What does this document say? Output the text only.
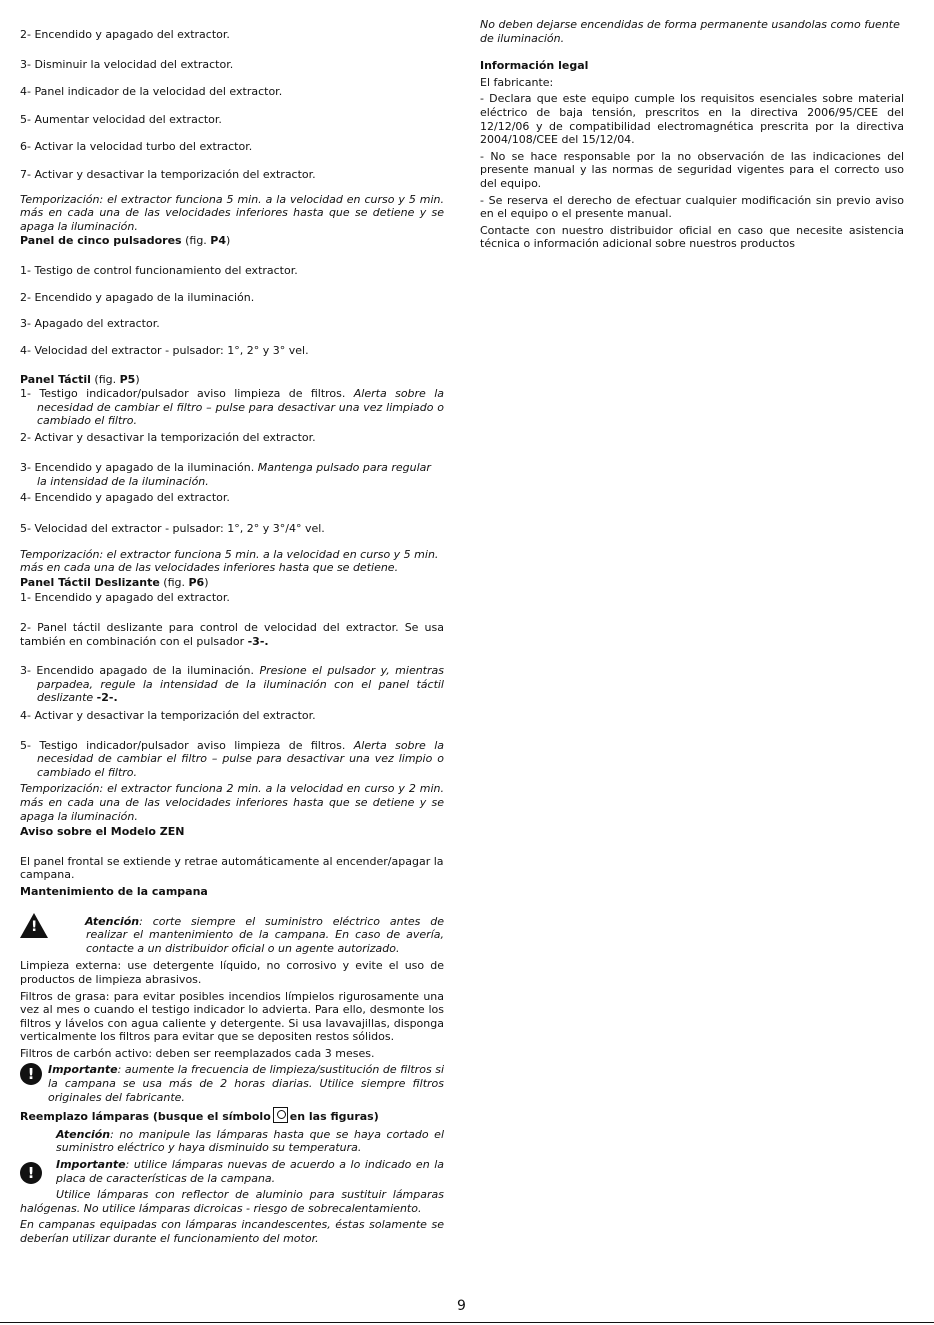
2- Encendido y apagado del extractor.

3- Disminuir la velocidad del extractor.

4- Panel indicador de la velocidad del extractor.

5- Aumentar velocidad del extractor.

6- Activar la velocidad turbo del extractor.

7- Activar y desactivar la temporización del extractor.

Temporización: el extractor funciona 5 min. a la velocidad en curso y 5 min. más en cada una de las velocidades inferiores hasta que se detiene y se apaga la iluminación.

Panel de cinco pulsadores (fig. P4)

1- Testigo de control funcionamiento del extractor.

2- Encendido y apagado de la iluminación.

3- Apagado del extractor.

4- Velocidad del extractor - pulsador: 1°, 2° y 3° vel.

Panel Táctil (fig. P5)

1- Testigo indicador/pulsador aviso limpieza de filtros. Alerta sobre la necesidad de cambiar el filtro – pulse para desactivar una vez limpiado o cambiado el filtro.

2- Activar y desactivar la temporización del extractor.

3- Encendido y apagado de la iluminación. Mantenga pulsado para regular la intensidad de la iluminación.

4- Encendido y apagado del extractor.

5- Velocidad del extractor - pulsador: 1°, 2° y 3°/4° vel.

Temporización: el extractor funciona 5 min. a la velocidad en curso y 5 min. más en cada una de las velocidades inferiores hasta que se detiene.

Panel Táctil Deslizante (fig. P6)

1- Encendido y apagado del extractor.

2- Panel táctil deslizante para control de velocidad del extractor. Se usa también en combinación con el pulsador -3-.

3- Encendido apagado de la iluminación. Presione el pulsador y, mientras parpadea, regule la intensidad de la iluminación con el panel táctil deslizante -2-.

4- Activar y desactivar la temporización del extractor.

5- Testigo indicador/pulsador aviso limpieza de filtros. Alerta sobre la necesidad de cambiar el filtro – pulse para desactivar una vez limpio o cambiado el filtro.

Temporización: el extractor funciona 2 min. a la velocidad en curso y 2 min. más en cada una de las velocidades inferiores hasta que se detiene y se apaga la iluminación.

Aviso sobre el Modelo ZEN

El panel frontal se extiende y retrae automáticamente al encender/apagar la campana.

Mantenimiento de la campana

!

Atención: corte siempre el suministro eléctrico antes de realizar el mantenimiento de la campana. En caso de avería, contacte a un distribuidor oficial o un agente autorizado.

Limpieza externa: use detergente líquido, no corrosivo y evite el uso de productos de limpieza abrasivos.

Filtros de grasa: para evitar posibles incendios límpielos rigurosamente una vez al mes o cuando el testigo indicador lo advierta. Para ello, desmonte los filtros y lávelos con agua caliente y detergente. Si usa lavavajillas, disponga verticalmente los filtros para evitar que se depositen restos sólidos.

Filtros de carbón activo: deben ser reemplazados cada 3 meses.

!	Importante: aumente la frecuencia de limpieza/sustitución de filtros si la campana se usa más de 2 horas diarias. Utilice siempre filtros originales del fabricante.

Reemplazo lámparas (busque el símbolo en las figuras)

Atención: no manipule las lámparas hasta que se haya cortado el suministro eléctrico y haya disminuido su temperatura.

!	Importante: utilice lámparas nuevas de acuerdo a lo indicado en la placa de características de la campana.

Utilice lámparas con reflector de aluminio para sustituir lámparas halógenas. No utilice lámparas dicroicas - riesgo de sobrecalentamiento.

En campanas equipadas con lámparas incandescentes, éstas solamente se deberían utilizar durante el funcionamiento del motor.

No deben dejarse encendidas de forma permanente usandolas como fuente de iluminación.

Información legal

El fabricante:

- Declara que este equipo cumple los requisitos esenciales sobre material eléctrico de baja tensión, prescritos en la directiva 2006/95/CEE del 12/12/06 y de compatibilidad electromagnética prescrita por la directiva 2004/108/CEE del 15/12/04.

- No se hace responsable por la no observación de las indicaciones del presente manual y las normas de seguridad vigentes para el correcto uso del equipo.

- Se reserva el derecho de efectuar cualquier modificación sin previo aviso en el equipo o el presente manual.

Contacte con nuestro distribuidor oficial en caso que necesite asistencia técnica o información adicional sobre nuestros productos

9
